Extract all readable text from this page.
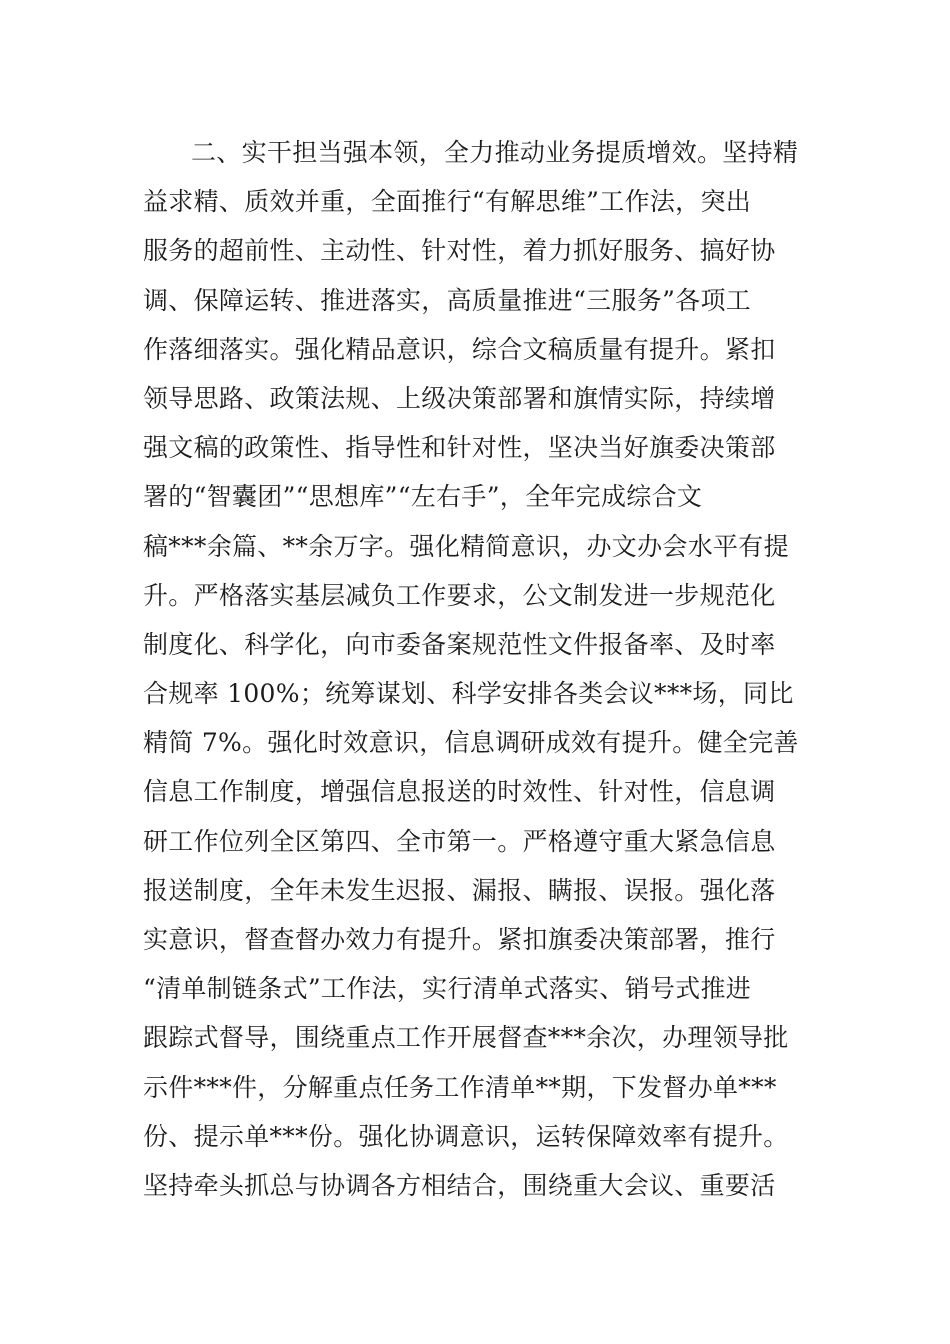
二、实干担当强本领，全力推动业务提质增效。坚持精
益求精、质效并重，全面推行“有解思维”工作法，突出
服务的超前性、主动性、针对性，着力抓好服务、搞好协
调、保障运转、推进落实，高质量推进“三服务”各项工
作落细落实。强化精品意识，综合文稿质量有提升。紧扣
领导思路、政策法规、上级决策部署和旗情实际，持续增
强文稿的政策性、指导性和针对性，坚决当好旗委决策部
署的“智囊团”“思想库”“左右手”，全年完成综合文
稿***余篇、**余万字。强化精简意识，办文办会水平有提
升。严格落实基层减负工作要求，公文制发进一步规范化
制度化、科学化，向市委备案规范性文件报备率、及时率
合规率 100%；统筹谋划、科学安排各类会议***场，同比
精简 7%。强化时效意识，信息调研成效有提升。健全完善
信息工作制度，增强信息报送的时效性、针对性，信息调
研工作位列全区第四、全市第一。严格遵守重大紧急信息
报送制度，全年未发生迟报、漏报、瞒报、误报。强化落
实意识，督查督办效力有提升。紧扣旗委决策部署，推行
“清单制链条式”工作法，实行清单式落实、销号式推进
跟踪式督导，围绕重点工作开展督查***余次，办理领导批
示件***件，分解重点任务工作清单**期，下发督办单***
份、提示单***份。强化协调意识，运转保障效率有提升。
坚持牵头抓总与协调各方相结合，围绕重大会议、重要活
